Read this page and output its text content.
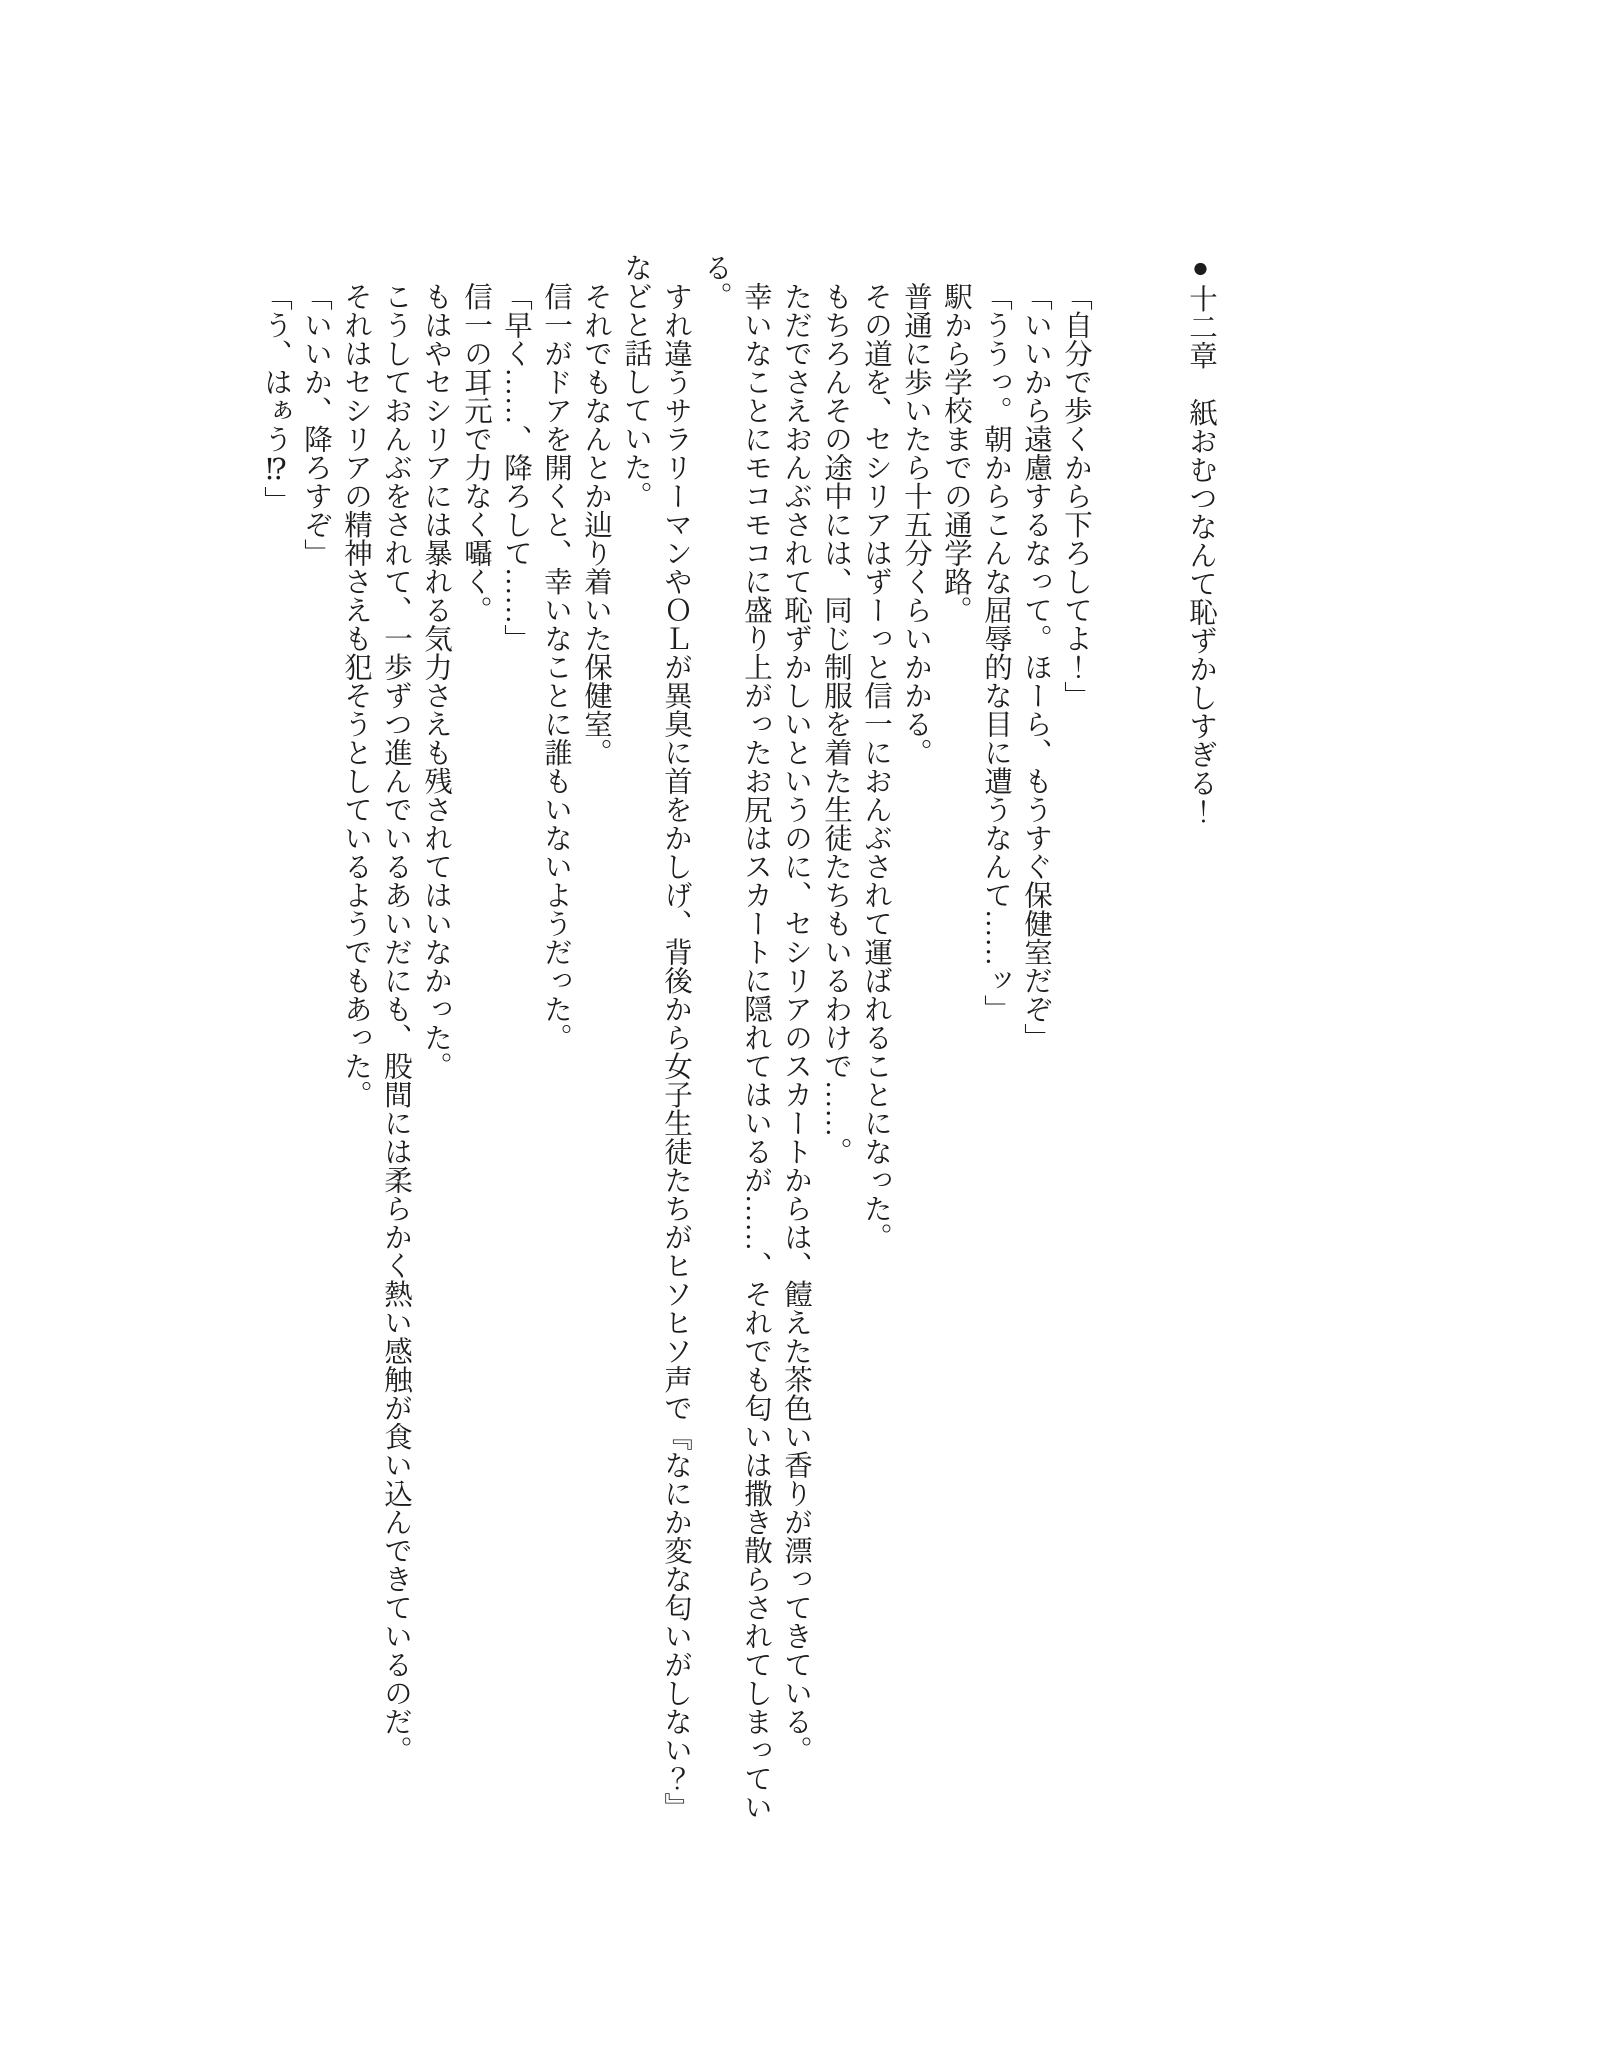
●十二章　紙おむつなんて恥ずかしすぎる！

「自分で歩くから下ろしてよ！」

「いいから遠慮するなって。ほーら、もうすぐ保健室だぞ」

「ううっ。朝からこんな屈辱的な目に遭うなんて……ッ」

駅から学校までの通学路。

普通に歩いたら十五分くらいかかる。

その道を、セシリアはずーっと信一におんぶされて運ばれることになった。

もちろんその途中には、同じ制服を着た生徒たちもいるわけで……。

ただでさえおんぶされて恥ずかしいというのに、セシリアのスカートからは、饐えた茶色い香りが漂ってきている。

幸いなことにモコモコに盛り上がったお尻はスカートに隠れてはいるが……、それでも匂いは撒き散らされてしまっている。

すれ違うサラリーマンやＯＬが異臭に首をかしげ、背後から女子生徒たちがヒソヒソ声で『なにか変な匂いがしない？』などと話していた。

それでもなんとか辿り着いた保健室。

信一がドアを開くと、幸いなことに誰もいないようだった。

「早く……、降ろして……」

信一の耳元で力なく囁く。

もはやセシリアには暴れる気力さえも残されてはいなかった。

こうしておんぶをされて、一歩ずつ進んでいるあいだにも、股間には柔らかく熱い感触が食い込んできているのだ。

それはセシリアの精神さえも犯そうとしているようでもあった。

「いいか、降ろすぞ」

「う、はぁう⁉」
